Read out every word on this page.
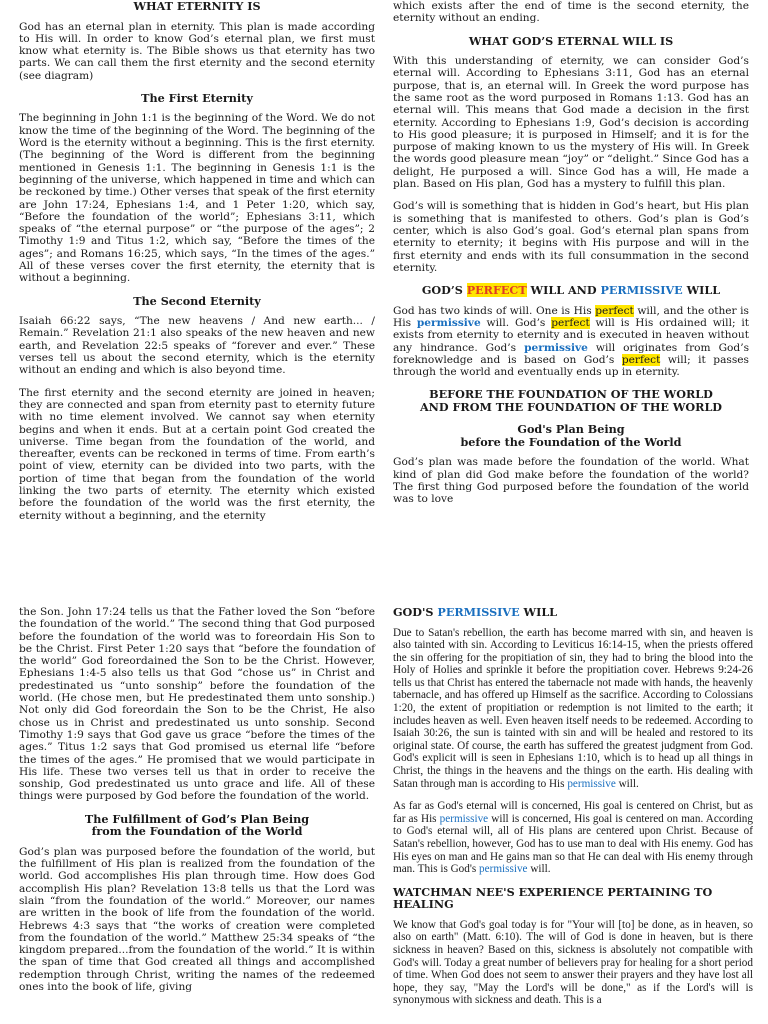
WHAT ETERNITY IS

God has an eternal plan in eternity. This plan is made according to His will. In order to know God’s eternal plan, we first must know what eternity is. The Bible shows us that eternity has two parts. We can call them the first eternity and the second eternity (see diagram)

The First Eternity

The beginning in John 1:1 is the beginning of the Word. We do not know the time of the beginning of the Word. The beginning of the Word is the eternity without a beginning. This is the first eternity. (The beginning of the Word is different from the beginning mentioned in Genesis 1:1. The beginning in Genesis 1:1 is the beginning of the universe, which happened in time and which can be reckoned by time.) Other verses that speak of the first eternity are John 17:24, Ephesians 1:4, and 1 Peter 1:20, which say, “Before the foundation of the world”; Ephesians 3:11, which speaks of “the eternal purpose” or “the purpose of the ages”; 2 Timothy 1:9 and Titus 1:2, which say, “Before the times of the ages”; and Romans 16:25, which says, “In the times of the ages.” All of these verses cover the first eternity, the eternity that is without a beginning.

The Second Eternity

Isaiah 66:22 says, “The new heavens / And new earth... / Remain.” Revelation 21:1 also speaks of the new heaven and new earth, and Revelation 22:5 speaks of “forever and ever.” These verses tell us about the second eternity, which is the eternity without an ending and which is also beyond time.

The first eternity and the second eternity are joined in heaven; they are connected and span from eternity past to eternity future with no time element involved. We cannot say when eternity begins and when it ends. But at a certain point God created the universe. Time began from the foundation of the world, and thereafter, events can be reckoned in terms of time. From earth’s point of view, eternity can be divided into two parts, with the portion of time that began from the foundation of the world linking the two parts of eternity. The eternity which existed before the foundation of the world was the first eternity, the eternity without a beginning, and the eternity

which exists after the end of time is the second eternity, the eternity without an ending.

WHAT GOD’S ETERNAL WILL IS

With this understanding of eternity, we can consider God’s eternal will. According to Ephesians 3:11, God has an eternal purpose, that is, an eternal will. In Greek the word purpose has the same root as the word purposed in Romans 1:13. God has an eternal will. This means that God made a decision in the first eternity. According to Ephesians 1:9, God’s decision is according to His good pleasure; it is purposed in Himself; and it is for the purpose of making known to us the mystery of His will. In Greek the words good pleasure mean “joy” or “delight.” Since God has a delight, He purposed a will. Since God has a will, He made a plan. Based on His plan, God has a mystery to fulfill this plan.

God’s will is something that is hidden in God’s heart, but His plan is something that is manifested to others. God’s plan is God’s center, which is also God’s goal. God’s eternal plan spans from eternity to eternity; it begins with His purpose and will in the first eternity and ends with its full consummation in the second eternity.

GOD’S PERFECT WILL AND PERMISSIVE WILL

God has two kinds of will. One is His perfect will, and the other is His permissive will. God’s perfect will is His ordained will; it exists from eternity to eternity and is executed in heaven without any hindrance. God’s permissive will originates from God’s foreknowledge and is based on God’s perfect will; it passes through the world and eventually ends up in eternity.

BEFORE THE FOUNDATION OF THE WORLD
AND FROM THE FOUNDATION OF THE WORLD
God's Plan Being
before the Foundation of the World

God’s plan was made before the foundation of the world. What kind of plan did God make before the foundation of the world? The first thing God purposed before the foundation of the world was to love

the Son. John 17:24 tells us that the Father loved the Son “before the foundation of the world.” The second thing that God purposed before the foundation of the world was to foreordain His Son to be the Christ. First Peter 1:20 says that “before the foundation of the world” God foreordained the Son to be the Christ. However, Ephesians 1:4-5 also tells us that God “chose us” in Christ and predestinated us “unto sonship” before the foundation of the world. (He chose men, but He predestinated them unto sonship.) Not only did God foreordain the Son to be the Christ, He also chose us in Christ and predestinated us unto sonship. Second Timothy 1:9 says that God gave us grace “before the times of the ages.” Titus 1:2 says that God promised us eternal life “before the times of the ages.” He promised that we would participate in His life. These two verses tell us that in order to receive the sonship, God predestinated us unto grace and life. All of these things were purposed by God before the foundation of the world.

The Fulfillment of God’s Plan Being
from the Foundation of the World

God’s plan was purposed before the foundation of the world, but the fulfillment of His plan is realized from the foundation of the world. God accomplishes His plan through time. How does God accomplish His plan? Revelation 13:8 tells us that the Lord was slain “from the foundation of the world.” Moreover, our names are written in the book of life from the foundation of the world. Hebrews 4:3 says that “the works of creation were completed from the foundation of the world.” Matthew 25:34 speaks of “the kingdom prepared...from the foundation of the world.” It is within the span of time that God created all things and accomplished redemption through Christ, writing the names of the redeemed ones into the book of life, giving

GOD'S PERMISSIVE WILL

Due to Satan's rebellion, the earth has become marred with sin, and heaven is also tainted with sin. According to Leviticus 16:14-15, when the priests offered the sin offering for the propitiation of sin, they had to bring the blood into the Holy of Holies and sprinkle it before the propitiation cover. Hebrews 9:24-26 tells us that Christ has entered the tabernacle not made with hands, the heavenly tabernacle, and has offered up Himself as the sacrifice. According to Colossians 1:20, the extent of propitiation or redemption is not limited to the earth; it includes heaven as well. Even heaven itself needs to be redeemed. According to Isaiah 30:26, the sun is tainted with sin and will be healed and restored to its original state. Of course, the earth has suffered the greatest judgment from God. God's explicit will is seen in Ephesians 1:10, which is to head up all things in Christ, the things in the heavens and the things on the earth. His dealing with Satan through man is according to His permissive will.

As far as God's eternal will is concerned, His goal is centered on Christ, but as far as His permissive will is concerned, His goal is centered on man. According to God's eternal will, all of His plans are centered upon Christ. Because of Satan's rebellion, however, God has to use man to deal with His enemy. God has His eyes on man and He gains man so that He can deal with His enemy through man. This is God's permissive will.

WATCHMAN NEE'S EXPERIENCE PERTAINING TO HEALING

We know that God's goal today is for "Your will [to] be done, as in heaven, so also on earth" (Matt. 6:10). The will of God is done in heaven, but is there sickness in heaven? Based on this, sickness is absolutely not compatible with God's will. Today a great number of believers pray for healing for a short period of time. When God does not seem to answer their prayers and they have lost all hope, they say, "May the Lord's will be done," as if the Lord's will is synonymous with sickness and death. This is a
